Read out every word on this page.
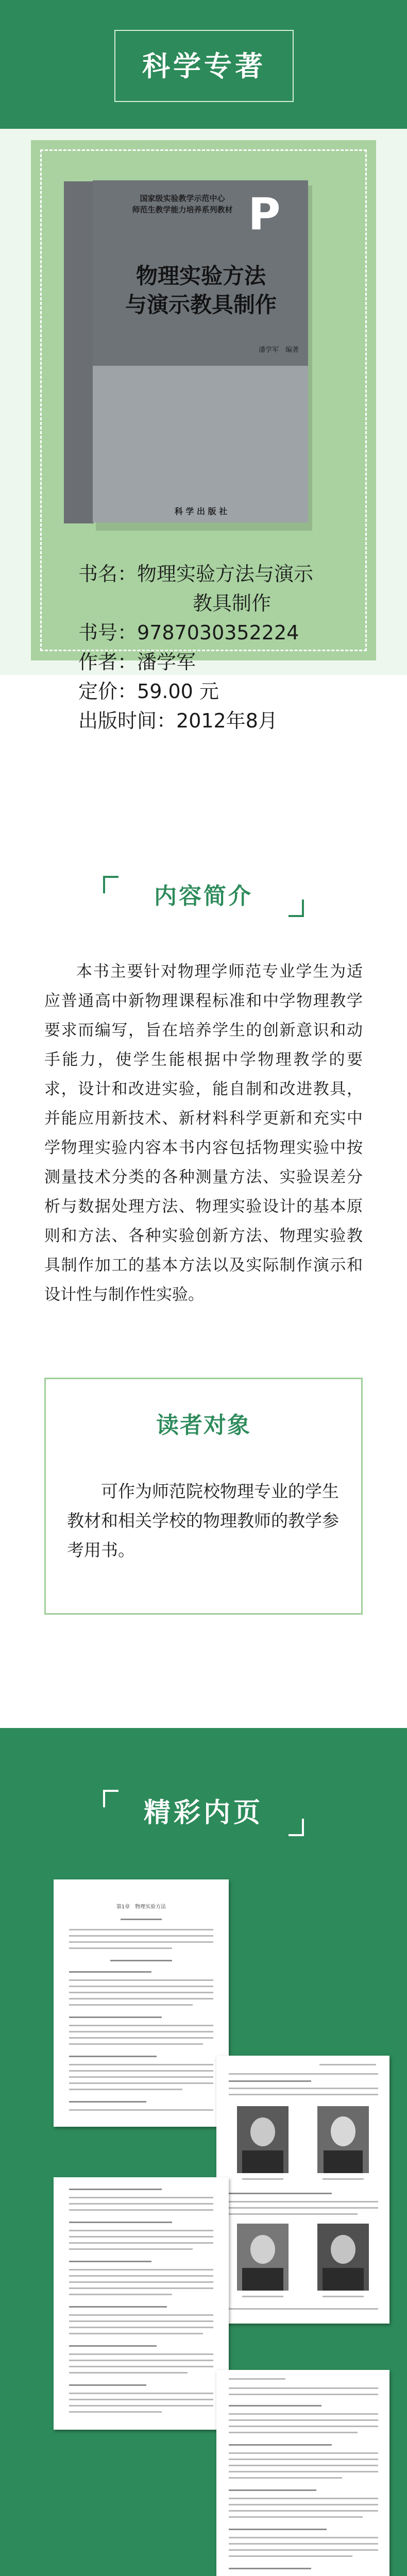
科学专著
国家级实验教学示范中心
师范生教学能力培养系列教材 P
物理实验方法
与演示教具制作
潘学军　编著
科 学 出 版 社
书名：物理实验方法与演示
教具制作
书号：9787030352224
作者：潘学军
定价：59.00 元
出版时间：2012年8月
内容简介
本书主要针对物理学师范专业学生为适应普通高中新物理课程标准和中学物理教学要求而编写，旨在培养学生的创新意识和动手能力，使学生能根据中学物理教学的要求，设计和改进实验，能自制和改进教具，并能应用新技术、新材料科学更新和充实中学物理实验内容本书内容包括物理实验中按测量技术分类的各种测量方法、实验误差分析与数据处理方法、物理实验设计的基本原则和方法、各种实验创新方法、物理实验教具制作加工的基本方法以及实际制作演示和设计性与制作性实验。
读者对象
可作为师范院校物理专业的学生教材和相关学校的物理教师的教学参考用书。
精彩内页
第1章　物理实验方法
